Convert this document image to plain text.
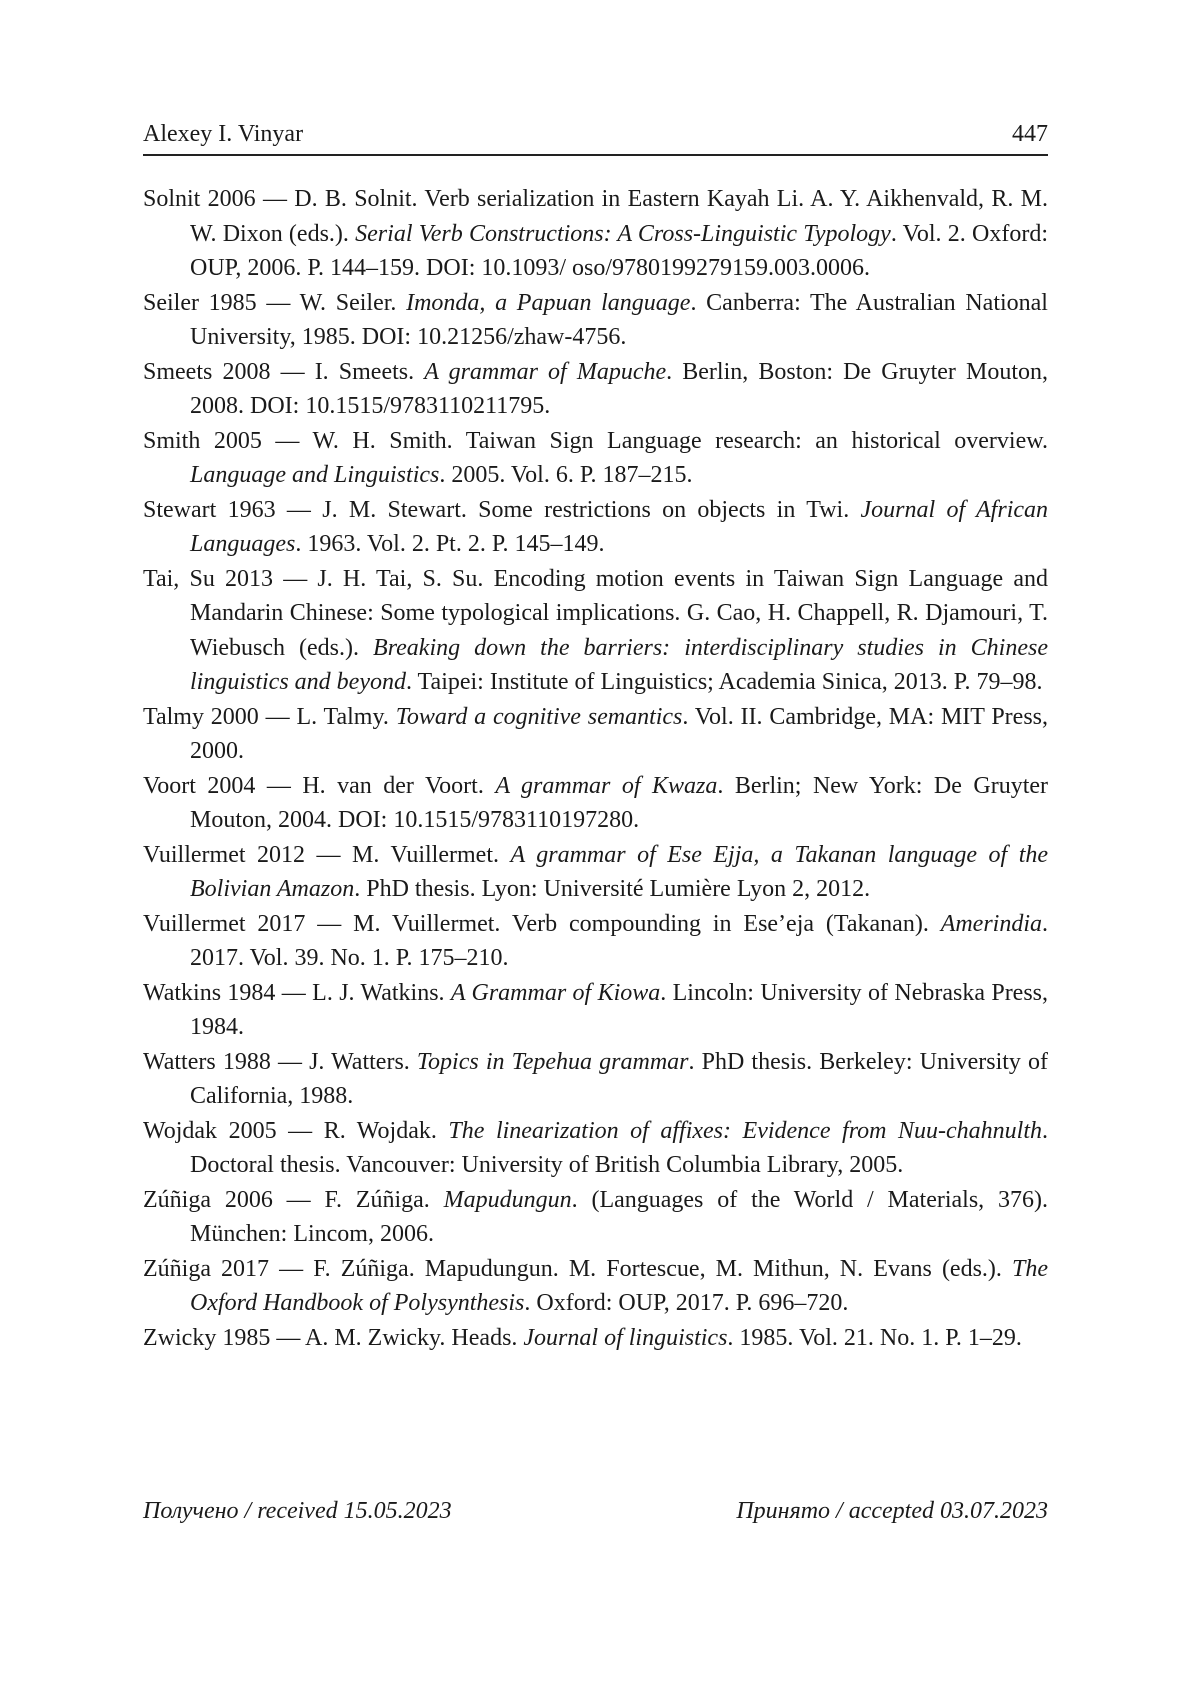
Alexey I. Vinyar	447

Solnit 2006 — D. B. Solnit. Verb serialization in Eastern Kayah Li. A. Y. Aikhenvald, R. M. W. Dixon (eds.). Serial Verb Constructions: A Cross-Linguistic Typology. Vol. 2. Oxford: OUP, 2006. P. 144–159. DOI: 10.1093/ oso/9780199279159.003.0006.

Seiler 1985 — W. Seiler. Imonda, a Papuan language. Canberra: The Australian National University, 1985. DOI: 10.21256/zhaw-4756.

Smeets 2008 — I. Smeets. A grammar of Mapuche. Berlin, Boston: De Gruyter Mouton, 2008. DOI: 10.1515/9783110211795.

Smith 2005 — W. H. Smith. Taiwan Sign Language research: an historical overview. Language and Linguistics. 2005. Vol. 6. P. 187–215.

Stewart 1963 — J. M. Stewart. Some restrictions on objects in Twi. Journal of African Languages. 1963. Vol. 2. Pt. 2. P. 145–149.

Tai, Su 2013 — J. H. Tai, S. Su. Encoding motion events in Taiwan Sign Language and Mandarin Chinese: Some typological implications. G. Cao, H. Chappell, R. Djamouri, T. Wiebusch (eds.). Breaking down the barriers: interdisciplinary studies in Chinese linguistics and beyond. Taipei: Institute of Linguistics; Academia Sinica, 2013. P. 79–98.

Talmy 2000 — L. Talmy. Toward a cognitive semantics. Vol. II. Cambridge, MA: MIT Press, 2000.

Voort 2004 — H. van der Voort. A grammar of Kwaza. Berlin; New York: De Gruyter Mouton, 2004. DOI: 10.1515/9783110197280.

Vuillermet 2012 — M. Vuillermet. A grammar of Ese Ejja, a Takanan language of the Bolivian Amazon. PhD thesis. Lyon: Université Lumière Lyon 2, 2012.

Vuillermet 2017 — M. Vuillermet. Verb compounding in Ese’eja (Takanan). Amerindia. 2017. Vol. 39. No. 1. P. 175–210.

Watkins 1984 — L. J. Watkins. A Grammar of Kiowa. Lincoln: University of Nebraska Press, 1984.

Watters 1988 — J. Watters. Topics in Tepehua grammar. PhD thesis. Berkeley: University of California, 1988.

Wojdak 2005 — R. Wojdak. The linearization of affixes: Evidence from Nuu-chahnulth. Doctoral thesis. Vancouver: University of British Columbia Library, 2005.

Zúñiga 2006 — F. Zúñiga. Mapudungun. (Languages of the World / Materials, 376). München: Lincom, 2006.

Zúñiga 2017 — F. Zúñiga. Mapudungun. M. Fortescue, M. Mithun, N. Evans (eds.). The Oxford Handbook of Polysynthesis. Oxford: OUP, 2017. P. 696–720.

Zwicky 1985 — A. M. Zwicky. Heads. Journal of linguistics. 1985. Vol. 21. No. 1. P. 1–29.

Получено / received 15.05.2023	Принято / accepted 03.07.2023
